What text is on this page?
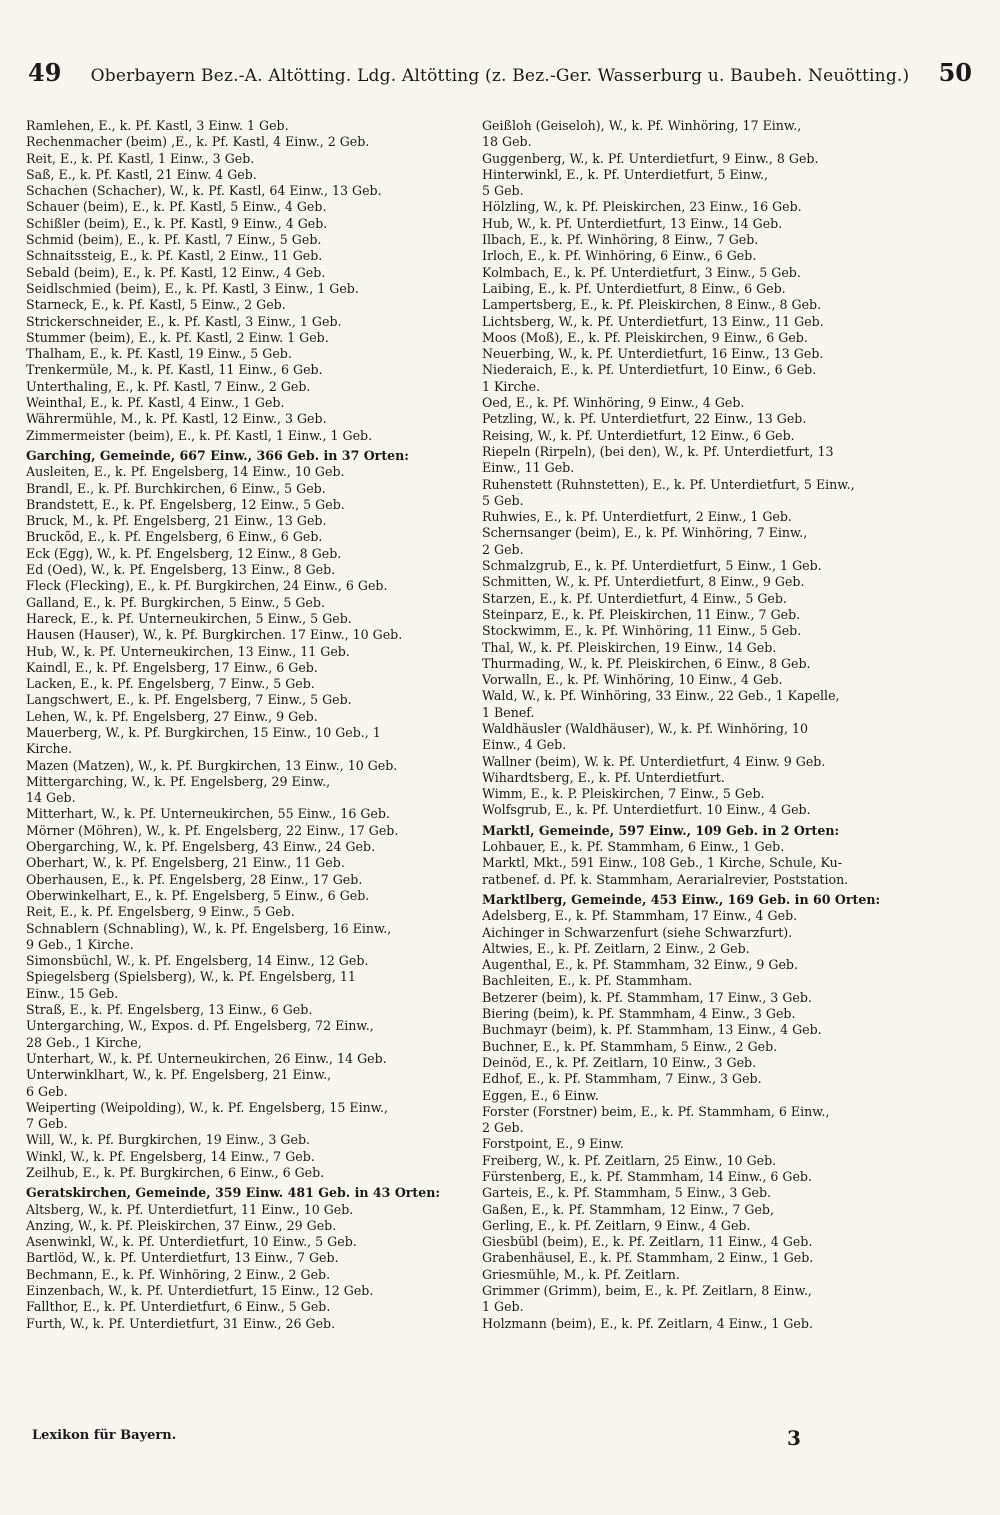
49 Oberbayern Bez.-A. Altötting. Ldg. Altötting (z. Bez.-Ger. Wasserburg u. Baubeh. Neuötting.) 50
Ramlehen, E., k. Pf. Kastl, 3 Einw. 1 Geb.
Rechenmacher (beim) ,E., k. Pf. Kastl, 4 Einw., 2 Geb.
Reit, E., k. Pf. Kastl, 1 Einw., 3 Geb.
Saß, E., k. Pf. Kastl, 21 Einw. 4 Geb.
Schachen (Schacher), W., k. Pf. Kastl, 64 Einw., 13 Geb.
Schauer (beim), E., k. Pf. Kastl, 5 Einw., 4 Geb.
Schißler (beim), E., k. Pf. Kastl, 9 Einw., 4 Geb.
Schmid (beim), E., k. Pf. Kastl, 7 Einw., 5 Geb.
Schnaitssteig, E., k. Pf. Kastl, 2 Einw., 11 Geb.
Sebald (beim), E., k. Pf. Kastl, 12 Einw., 4 Geb.
Seidlschmied (beim), E., k. Pf. Kastl, 3 Einw., 1 Geb.
Starneck, E., k. Pf. Kastl, 5 Einw., 2 Geb.
Strickerschneider, E., k. Pf. Kastl, 3 Einw., 1 Geb.
Stummer (beim), E., k. Pf. Kastl, 2 Einw. 1 Geb.
Thalham, E., k. Pf. Kastl, 19 Einw., 5 Geb.
Trenkermüle, M., k. Pf. Kastl, 11 Einw., 6 Geb.
Unterthaling, E., k. Pf. Kastl, 7 Einw., 2 Geb.
Weinthal, E., k. Pf. Kastl, 4 Einw., 1 Geb.
Währermühle, M., k. Pf. Kastl, 12 Einw., 3 Geb.
Zimmermeister (beim), E., k. Pf. Kastl, 1 Einw., 1 Geb.
Garching, Gemeinde, 667 Einw., 366 Geb. in 37 Orten:
Ausleiten, E., k. Pf. Engelsberg, 14 Einw., 10 Geb.
Brandl, E., k. Pf. Burchkirchen, 6 Einw., 5 Geb.
Brandstett, E., k. Pf. Engelsberg, 12 Einw., 5 Geb.
Bruck, M., k. Pf. Engelsberg, 21 Einw., 13 Geb.
Bruckõd, E., k. Pf. Engelsberg, 6 Einw., 6 Geb.
Eck (Egg), W., k. Pf. Engelsberg, 12 Einw., 8 Geb.
Ed (Oed), W., k. Pf. Engelsberg, 13 Einw., 8 Geb.
Fleck (Flecking), E., k. Pf. Burgkirchen, 24 Einw., 6 Geb.
Galland, E., k. Pf. Burgkirchen, 5 Einw., 5 Geb.
Hareck, E., k. Pf. Unterneukirchen, 5 Einw., 5 Geb.
Hausen (Hauser), W., k. Pf. Burgkirchen. 17 Einw., 10 Geb.
Hub, W., k. Pf. Unterneukirchen, 13 Einw., 11 Geb.
Kaindl, E., k. Pf. Engelsberg, 17 Einw., 6 Geb.
Lacken, E., k. Pf. Engelsberg, 7 Einw., 5 Geb.
Langschwert, E., k. Pf. Engelsberg, 7 Einw., 5 Geb.
Lehen, W., k. Pf. Engelsberg, 27 Einw., 9 Geb.
Mauerberg, W., k. Pf. Burgkirchen, 15 Einw., 10 Geb., 1
Kirche.
Mazen (Matzen), W., k. Pf. Burgkirchen, 13 Einw., 10 Geb.
Mittergarching, W., k. Pf. Engelsberg, 29 Einw.,
14 Geb.
Mitterhart, W., k. Pf. Unterneukirchen, 55 Einw., 16 Geb.
Mörner (Möhren), W., k. Pf. Engelsberg, 22 Einw., 17 Geb.
Obergarching, W., k. Pf. Engelsberg, 43 Einw., 24 Geb.
Oberhart, W., k. Pf. Engelsberg, 21 Einw., 11 Geb.
Oberhausen, E., k. Pf. Engelsberg, 28 Einw., 17 Geb.
Oberwinkelhart, E., k. Pf. Engelsberg, 5 Einw., 6 Geb.
Reit, E., k. Pf. Engelsberg, 9 Einw., 5 Geb.
Schnablern (Schnabling), W., k. Pf. Engelsberg, 16 Einw.,
9 Geb., 1 Kirche.
Simonsbüchl, W., k. Pf. Engelsberg, 14 Einw., 12 Geb.
Spiegelsberg (Spielsberg), W., k. Pf. Engelsberg, 11
Einw., 15 Geb.
Straß, E., k. Pf. Engelsberg, 13 Einw., 6 Geb.
Untergarching, W., Expos. d. Pf. Engelsberg, 72 Einw.,
28 Geb., 1 Kirche,
Unterhart, W., k. Pf. Unterneukirchen, 26 Einw., 14 Geb.
Unterwinklhart, W., k. Pf. Engelsberg, 21 Einw.,
6 Geb.
Weiperting (Weipolding), W., k. Pf. Engelsberg, 15 Einw.,
7 Geb.
Will, W., k. Pf. Burgkirchen, 19 Einw., 3 Geb.
Winkl, W., k. Pf. Engelsberg, 14 Einw., 7 Geb.
Zeilhub, E., k. Pf. Burgkirchen, 6 Einw., 6 Geb.
Geratskirchen, Gemeinde, 359 Einw. 481 Geb. in 43 Orten:
Altsberg, W., k. Pf. Unterdietfurt, 11 Einw., 10 Geb.
Anzing, W., k. Pf. Pleiskirchen, 37 Einw., 29 Geb.
Asenwinkl, W., k. Pf. Unterdietfurt, 10 Einw., 5 Geb.
Bartlöd, W., k. Pf. Unterdietfurt, 13 Einw., 7 Geb.
Bechmann, E., k. Pf. Winhöring, 2 Einw., 2 Geb.
Einzenbach, W., k. Pf. Unterdietfurt, 15 Einw., 12 Geb.
Fallthor, E., k. Pf. Unterdietfurt, 6 Einw., 5 Geb.
Furth, W., k. Pf. Unterdietfurt, 31 Einw., 26 Geb.
Geißloh (Geiseloh), W., k. Pf. Winhöring, 17 Einw.,
18 Geb.
Guggenberg, W., k. Pf. Unterdietfurt, 9 Einw., 8 Geb.
Hinterwinkl, E., k. Pf. Unterdietfurt, 5 Einw.,
5 Geb.
Hölzling, W., k. Pf. Pleiskirchen, 23 Einw., 16 Geb.
Hub, W., k. Pf. Unterdietfurt, 13 Einw., 14 Geb.
Ilbach, E., k. Pf. Winhöring, 8 Einw., 7 Geb.
Irloch, E., k. Pf. Winhöring, 6 Einw., 6 Geb.
Kolmbach, E., k. Pf. Unterdietfurt, 3 Einw., 5 Geb.
Laibing, E., k. Pf. Unterdietfurt, 8 Einw., 6 Geb.
Lampertsberg, E., k. Pf. Pleiskirchen, 8 Einw., 8 Geb.
Lichtsberg, W., k. Pf. Unterdietfurt, 13 Einw., 11 Geb.
Moos (Moß), E., k. Pf. Pleiskirchen, 9 Einw., 6 Geb.
Neuerbing, W., k. Pf. Unterdietfurt, 16 Einw., 13 Geb.
Niederaich, E., k. Pf. Unterdietfurt, 10 Einw., 6 Geb.
1 Kirche.
Oed, E., k. Pf. Winhöring, 9 Einw., 4 Geb.
Petzling, W., k. Pf. Unterdietfurt, 22 Einw., 13 Geb.
Reising, W., k. Pf. Unterdietfurt, 12 Einw., 6 Geb.
Riepeln (Rirpeln), (bei den), W., k. Pf. Unterdietfurt, 13
Einw., 11 Geb.
Ruhenstett (Ruhnstetten), E., k. Pf. Unterdietfurt, 5 Einw.,
5 Geb.
Ruhwies, E., k. Pf. Unterdietfurt, 2 Einw., 1 Geb.
Schernsanger (beim), E., k. Pf. Winhöring, 7 Einw.,
2 Geb.
Schmalzgrub, E., k. Pf. Unterdietfurt, 5 Einw., 1 Geb.
Schmitten, W., k. Pf. Unterdietfurt, 8 Einw., 9 Geb.
Starzen, E., k. Pf. Unterdietfurt, 4 Einw., 5 Geb.
Steinparz, E., k. Pf. Pleiskirchen, 11 Einw., 7 Geb.
Stockwimm, E., k. Pf. Winhöring, 11 Einw., 5 Geb.
Thal, W., k. Pf. Pleiskirchen, 19 Einw., 14 Geb.
Thurmading, W., k. Pf. Pleiskirchen, 6 Einw., 8 Geb.
Vorwalln, E., k. Pf. Winhöring, 10 Einw., 4 Geb.
Wald, W., k. Pf. Winhöring, 33 Einw., 22 Geb., 1 Kapelle,
1 Benef.
Waldhäusler (Waldhäuser), W., k. Pf. Winhöring, 10
Einw., 4 Geb.
Wallner (beim), W. k. Pf. Unterdietfurt, 4 Einw. 9 Geb.
Wihardtsberg, E., k. Pf. Unterdietfurt.
Wimm, E., k. P. Pleiskirchen, 7 Einw., 5 Geb.
Wolfsgrub, E., k. Pf. Unterdietfurt. 10 Einw., 4 Geb.
Marktl, Gemeinde, 597 Einw., 109 Geb. in 2 Orten:
Lohbauer, E., k. Pf. Stammham, 6 Einw., 1 Geb.
Marktl, Mkt., 591 Einw., 108 Geb., 1 Kirche, Schule, Ku-
ratbenef. d. Pf. k. Stammham, Aerarialrevier, Poststation.
Marktlberg, Gemeinde, 453 Einw., 169 Geb. in 60 Orten:
Adelsberg, E., k. Pf. Stammham, 17 Einw., 4 Geb.
Aichinger in Schwarzenfurt (siehe Schwarzfurt).
Altwies, E., k. Pf. Zeitlarn, 2 Einw., 2 Geb.
Augenthal, E., k. Pf. Stammham, 32 Einw., 9 Geb.
Bachleiten, E., k. Pf. Stammham.
Betzerer (beim), k. Pf. Stammham, 17 Einw., 3 Geb.
Biering (beim), k. Pf. Stammham, 4 Einw., 3 Geb.
Buchmayr (beim), k. Pf. Stammham, 13 Einw., 4 Geb.
Buchner, E., k. Pf. Stammham, 5 Einw., 2 Geb.
Deinöd, E., k. Pf. Zeitlarn, 10 Einw., 3 Geb.
Edhof, E., k. Pf. Stammham, 7 Einw., 3 Geb.
Eggen, E., 6 Einw.
Forster (Forstner) beim, E., k. Pf. Stammham, 6 Einw.,
2 Geb.
Forstpoint, E., 9 Einw.
Freiberg, W., k. Pf. Zeitlarn, 25 Einw., 10 Geb.
Fürstenberg, E., k. Pf. Stammham, 14 Einw., 6 Geb.
Garteis, E., k. Pf. Stammham, 5 Einw., 3 Geb.
Gaßen, E., k. Pf. Stammham, 12 Einw., 7 Geb,
Gerling, E., k. Pf. Zeitlarn, 9 Einw., 4 Geb.
Giesbübl (beim), E., k. Pf. Zeitlarn, 11 Einw., 4 Geb.
Grabenhäusel, E., k. Pf. Stammham, 2 Einw., 1 Geb.
Griesmühle, M., k. Pf. Zeitlarn.
Grimmer (Grimm), beim, E., k. Pf. Zeitlarn, 8 Einw.,
1 Geb.
Holzmann (beim), E., k. Pf. Zeitlarn, 4 Einw., 1 Geb.
Lexikon für Bayern.	3
